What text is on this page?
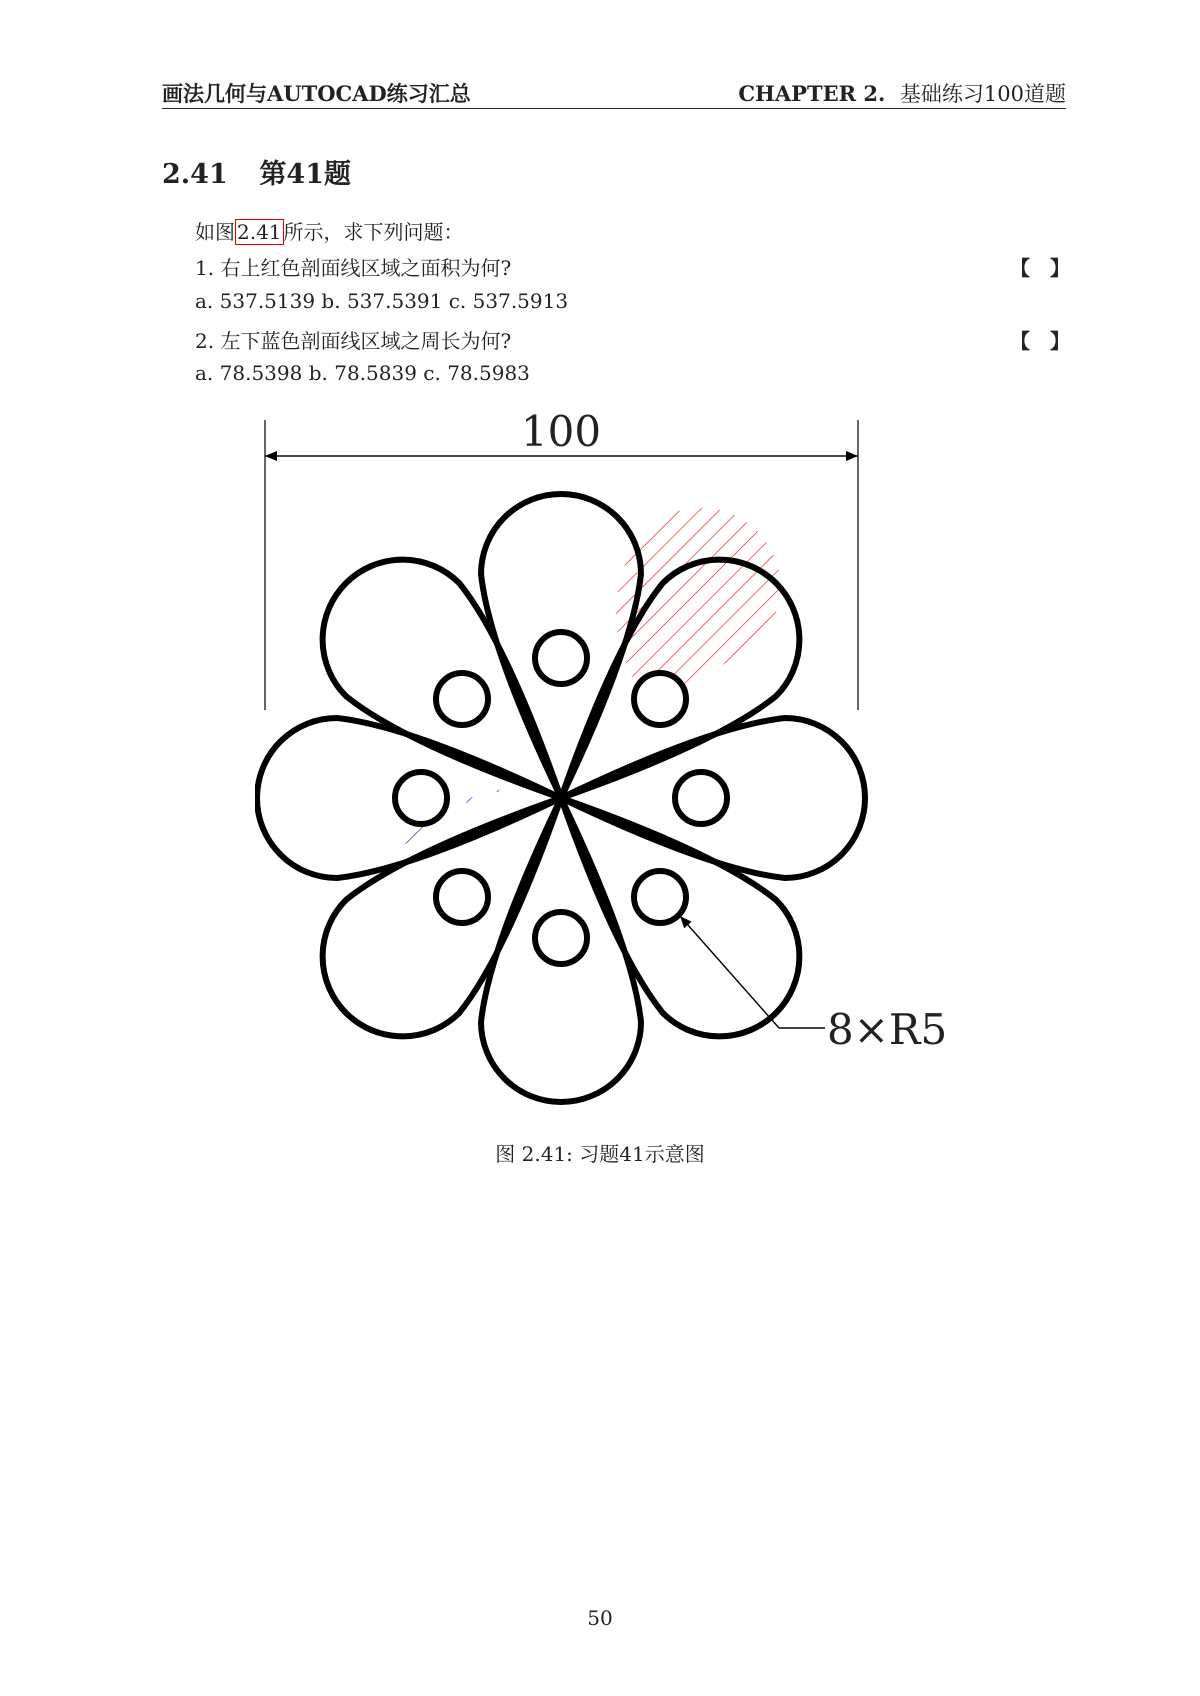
画法几何与AUTOCAD练习汇总	CHAPTER 2. 基础练习100道题
2.41 第41题
如图 2.41 所示，求下列问题：
1. 右上红色剖面线区域之面积为何?	【　】
a. 537.5139 b. 537.5391 c. 537.5913
2. 左下蓝色剖面线区域之周长为何?	【　】
a. 78.5398 b. 78.5839 c. 78.5983
100
8×R5
图 2.41: 习题41示意图
50
